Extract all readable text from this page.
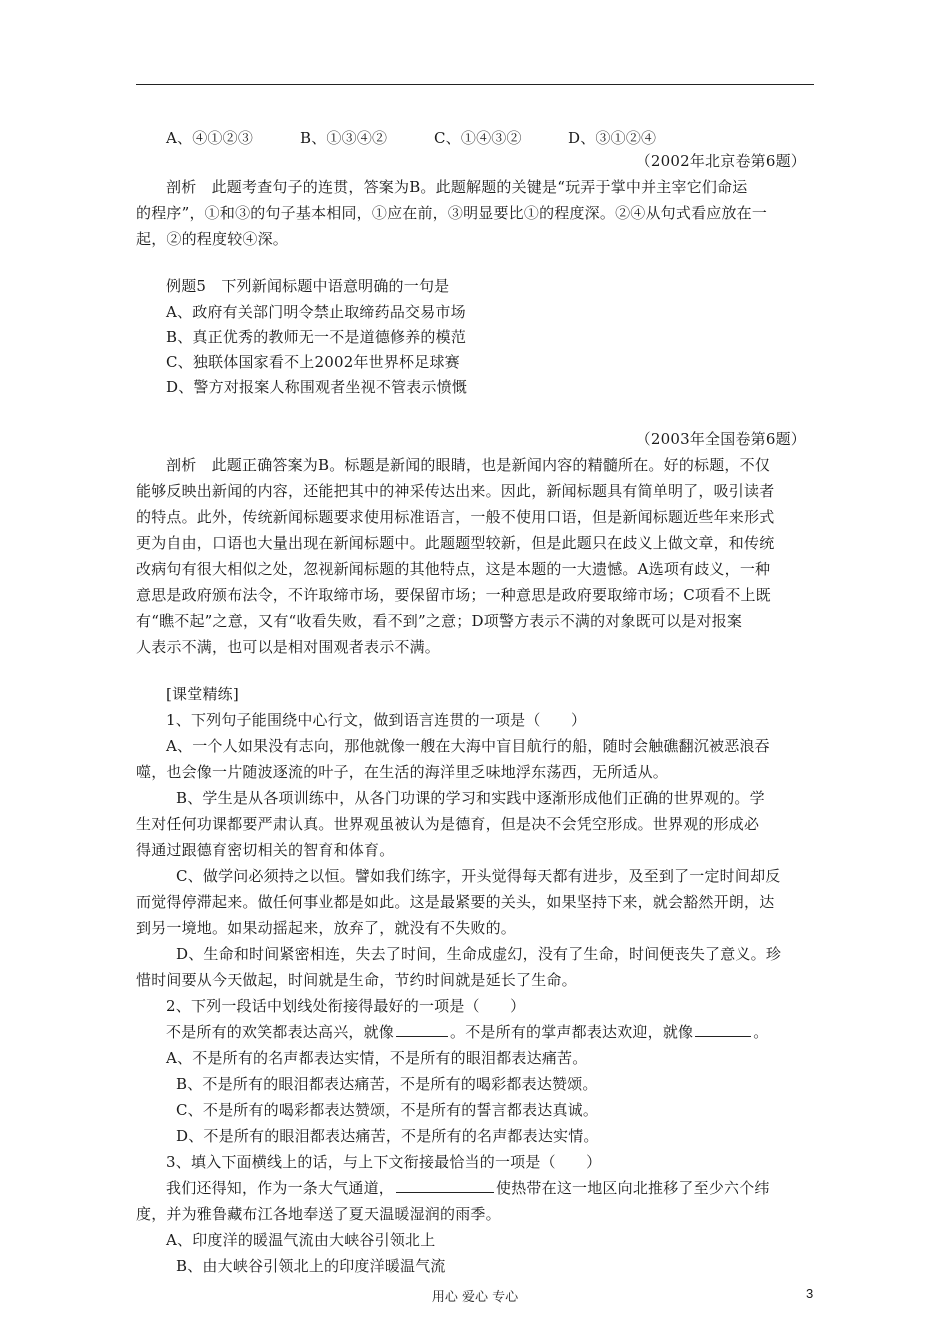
A、④①②③	B、①③④②	C、①④③②	D、③①②④
（2002年北京卷第6题）
剖析　此题考查句子的连贯，答案为B。此题解题的关键是“玩弄于掌中并主宰它们命运
的程序”，①和③的句子基本相同，①应在前，③明显要比①的程度深。②④从句式看应放在一
起，②的程度较④深。
例题5　下列新闻标题中语意明确的一句是
A、政府有关部门明令禁止取缔药品交易市场
B、真正优秀的教师无一不是道德修养的模范
C、独联体国家看不上2002年世界杯足球赛
D、警方对报案人称围观者坐视不管表示愤慨
（2003年全国卷第6题）
剖析　此题正确答案为B。标题是新闻的眼睛，也是新闻内容的精髓所在。好的标题，不仅
能够反映出新闻的内容，还能把其中的神采传达出来。因此，新闻标题具有简单明了，吸引读者
的特点。此外，传统新闻标题要求使用标准语言，一般不使用口语，但是新闻标题近些年来形式
更为自由，口语也大量出现在新闻标题中。此题题型较新，但是此题只在歧义上做文章，和传统
改病句有很大相似之处，忽视新闻标题的其他特点，这是本题的一大遗憾。A选项有歧义，一种
意思是政府颁布法令，不许取缔市场，要保留市场；一种意思是政府要取缔市场；C项看不上既
有“瞧不起”之意，又有“收看失败，看不到”之意；D项警方表示不满的对象既可以是对报案
人表示不满，也可以是相对围观者表示不满。
[课堂精练]
1、下列句子能围绕中心行文，做到语言连贯的一项是（　　）
A、一个人如果没有志向，那他就像一艘在大海中盲目航行的船，随时会触礁翻沉被恶浪吞
噬，也会像一片随波逐流的叶子，在生活的海洋里乏味地浮东荡西，无所适从。
B、学生是从各项训练中，从各门功课的学习和实践中逐渐形成他们正确的世界观的。学
生对任何功课都要严肃认真。世界观虽被认为是德育，但是决不会凭空形成。世界观的形成必
得通过跟德育密切相关的智育和体育。
C、做学问必须持之以恒。譬如我们练字，开头觉得每天都有进步，及至到了一定时间却反
而觉得停滞起来。做任何事业都是如此。这是最紧要的关头，如果坚持下来，就会豁然开朗，达
到另一境地。如果动摇起来，放弃了，就没有不失败的。
D、生命和时间紧密相连，失去了时间，生命成虚幻，没有了生命，时间便丧失了意义。珍
惜时间要从今天做起，时间就是生命，节约时间就是延长了生命。
2、下列一段话中划线处衔接得最好的一项是（　　）
不是所有的欢笑都表达高兴，就像	。不是所有的掌声都表达欢迎，就像	。
A、不是所有的名声都表达实情，不是所有的眼泪都表达痛苦。
B、不是所有的眼泪都表达痛苦，不是所有的喝彩都表达赞颂。
C、不是所有的喝彩都表达赞颂，不是所有的誓言都表达真诚。
D、不是所有的眼泪都表达痛苦，不是所有的名声都表达实情。
3、填入下面横线上的话，与上下文衔接最恰当的一项是（　　）
我们还得知，作为一条大气通道，	使热带在这一地区向北推移了至少六个纬
度，并为雅鲁藏布江各地奉送了夏天温暖湿润的雨季。
A、印度洋的暖温气流由大峡谷引领北上
B、由大峡谷引领北上的印度洋暖温气流
用心 爱心 专心	3
